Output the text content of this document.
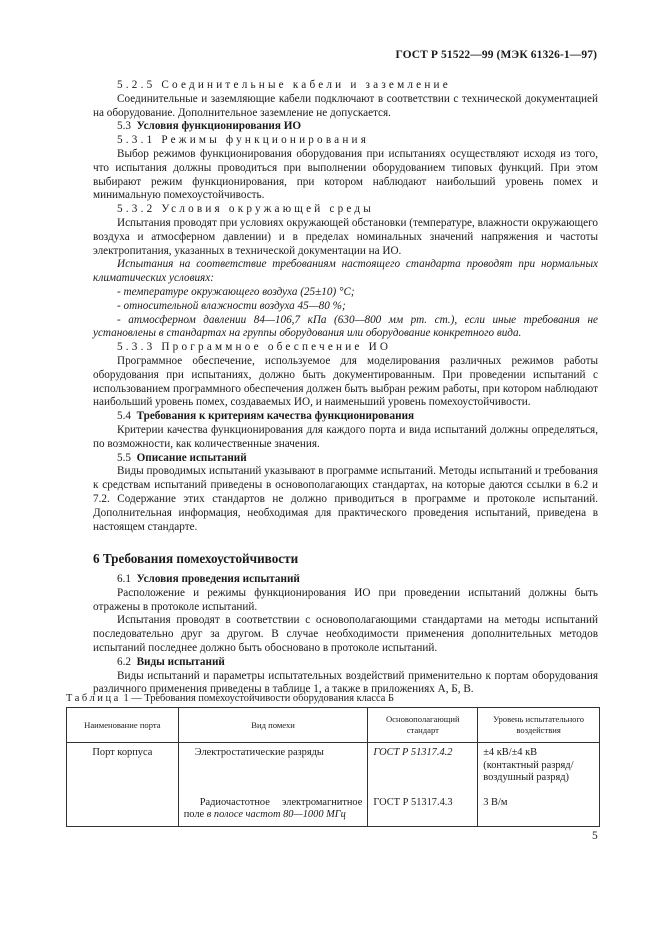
ГОСТ Р 51522—99 (МЭК 61326-1—97)

5.2.5 Соединительные кабели и заземление

Соединительные и заземляющие кабели подключают в соответствии с технической документацией на оборудование. Дополнительное заземление не допускается.

5.3 Условия функционирования ИО

5.3.1 Режимы функционирования

Выбор режимов функционирования оборудования при испытаниях осуществляют исходя из того, что испытания должны проводиться при выполнении оборудованием типовых функций. При этом выбирают режим функционирования, при котором наблюдают наибольший уровень помех и минимальную помехоустойчивость.

5.3.2 Условия окружающей среды

Испытания проводят при условиях окружающей обстановки (температуре, влажности окружающего воздуха и атмосферном давлении) и в пределах номинальных значений напряжения и частоты электропитания, указанных в технической документации на ИО.

Испытания на соответствие требованиям настоящего стандарта проводят при нормальных климатических условиях:

- температуре окружающего воздуха (25±10) °С;

- относительной влажности воздуха 45—80 %;

- атмосферном давлении 84—106,7 кПа (630—800 мм рт. ст.), если иные требования не установлены в стандартах на группы оборудования или оборудование конкретного вида.

5.3.3 Программное обеспечение ИО

Программное обеспечение, используемое для моделирования различных режимов работы оборудования при испытаниях, должно быть документированным. При проведении испытаний с использованием программного обеспечения должен быть выбран режим работы, при котором наблюдают наибольший уровень помех, создаваемых ИО, и наименьший уровень помехоустойчивости.

5.4 Требования к критериям качества функционирования

Критерии качества функционирования для каждого порта и вида испытаний должны определяться, по возможности, как количественные значения.

5.5 Описание испытаний

Виды проводимых испытаний указывают в программе испытаний. Методы испытаний и требования к средствам испытаний приведены в основополагающих стандартах, на которые даются ссылки в 6.2 и 7.2. Содержание этих стандартов не должно приводиться в программе и протоколе испытаний. Дополнительная информация, необходимая для практического проведения испытаний, приведена в настоящем стандарте.

6 Требования помехоустойчивости

6.1 Условия проведения испытаний

Расположение и режимы функционирования ИО при проведении испытаний должны быть отражены в протоколе испытаний.

Испытания проводят в соответствии с основополагающими стандартами на методы испытаний последовательно друг за другом. В случае необходимости применения дополнительных методов испытаний последнее должно быть обосновано в протоколе испытаний.

6.2 Виды испытаний

Виды испытаний и параметры испытательных воздействий применительно к портам оборудования различного применения приведены в таблице 1, а также в приложениях А, Б, В.

Таблица 1 — Требования помехоустойчивости оборудования класса Б
Наименование порта	Вид помехи	Основополагающий стандарт	Уровень испытательного воздействия
Порт корпуса	Электростатические разряды	ГОСТ Р 51317.4.2	±4 кВ/±4 кВ (контактный разряд/воздушный разряд)
	Радиочастотное электромагнитное поле в полосе частот 80—1000 МГц	ГОСТ Р 51317.4.3	3 В/м
5
